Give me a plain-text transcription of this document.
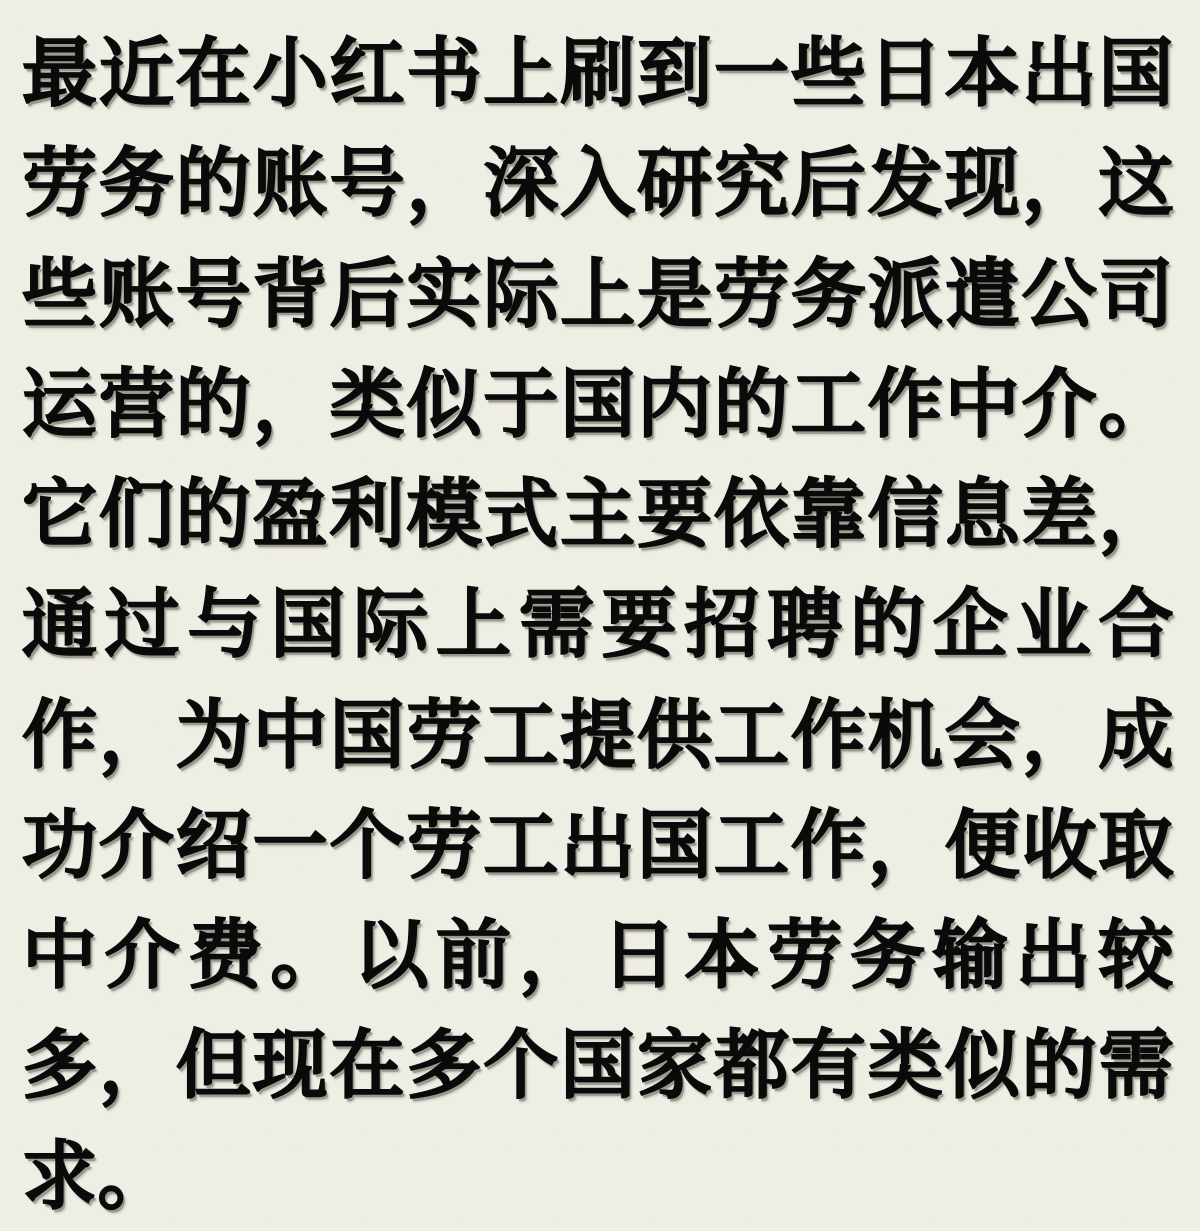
最近在小红书上刷到一些日本出国劳务的账号，深入研究后发现，这些账号背后实际上是劳务派遣公司运营的，类似于国内的工作中介。它们的盈利模式主要依靠信息差，通过与国际上需要招聘的企业合作，为中国劳工提供工作机会，成功介绍一个劳工出国工作，便收取中介费。以前，日本劳务输出较多，但现在多个国家都有类似的需求。
